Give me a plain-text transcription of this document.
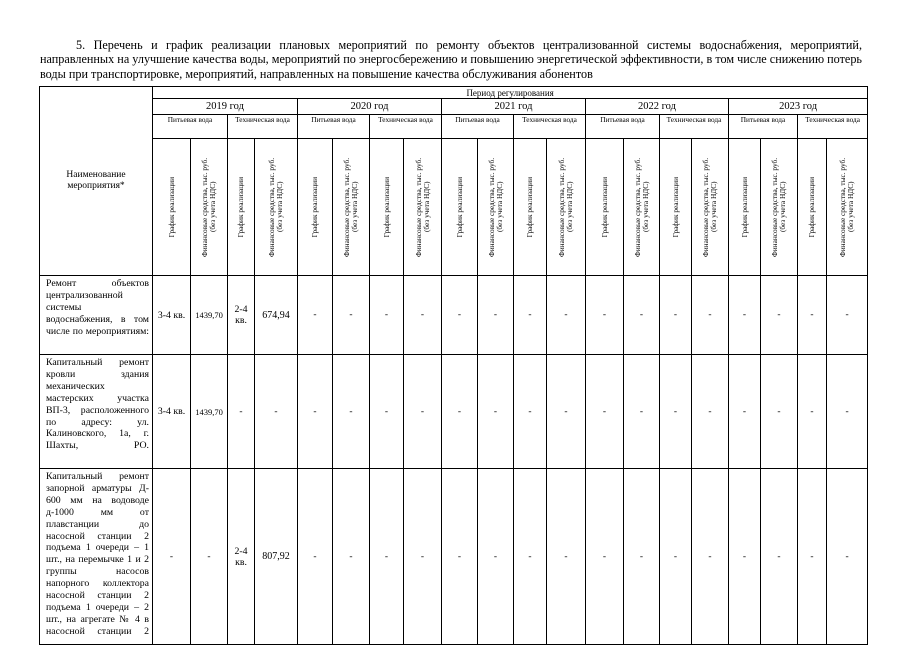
5. Перечень и график реализации плановых мероприятий по ремонту объектов централизованной системы водоснабжения, мероприятий, направленных на улучшение качества воды, мероприятий по энергосбережению и повышению энергетической эффективности, в том числе снижению потерь воды при транспортировке, мероприятий, направленных на повышение качества обслуживания абонентов

Наименование мероприятия*	Период регулирования																			
	2019 год				2020 год				2021 год				2022 год				2023 год			
	Питьевая вода		Техническая вода		Питьевая вода		Техническая вода		Питьевая вода		Техническая вода		Питьевая вода		Техническая вода		Питьевая вода		Техническая вода	

	График реализации	Финансовые средства, тыс. руб. (без учета НДС)	График реализации	Финансовые средства, тыс. руб. (без учета НДС)	График реализации	Финансовые средства, тыс. руб. (без учета НДС)	График реализации	Финансовые средства, тыс. руб. (без учета НДС)	График реализации	Финансовые средства, тыс. руб. (без учета НДС)	График реализации	Финансовые средства, тыс. руб. (без учета НДС)	График реализации	Финансовые средства, тыс. руб. (без учета НДС)	График реализации	Финансовые средства, тыс. руб. (без учета НДС)	График реализации	Финансовые средства, тыс. руб. (без учета НДС)	График реализации	Финансовые средства, тыс. руб. (без учета НДС)

Ремонт объектов централизованной системы водоснабжения, в том числе по мероприятиям:	3-4 кв.	1439,70	2-4 кв.	674,94	-	-	-	-	-	-	-	-	-	-	-	-	-	-	-	-
Капитальный ремонт кровли здания механических мастерских участка ВП-3, расположенного по адресу: ул. Калиновского, 1а, г. Шахты, РО.	3-4 кв.	1439,70	-	-	-	-	-	-	-	-	-	-	-	-	-	-	-	-	-	-
Капитальный ремонт запорной арматуры Д- 600 мм на водоводе д-1000 мм от плавстанции до насосной станции 2 подъема 1 очереди – 1 шт., на перемычке 1 и 2 группы насосов напорного коллектора насосной станции 2 подъема 1 очереди – 2 шт., на агрегате № 4 в насосной станции 2	-	-	2-4 кв.	807,92	-	-	-	-	-	-	-	-	-	-	-	-	-	-	-	-
